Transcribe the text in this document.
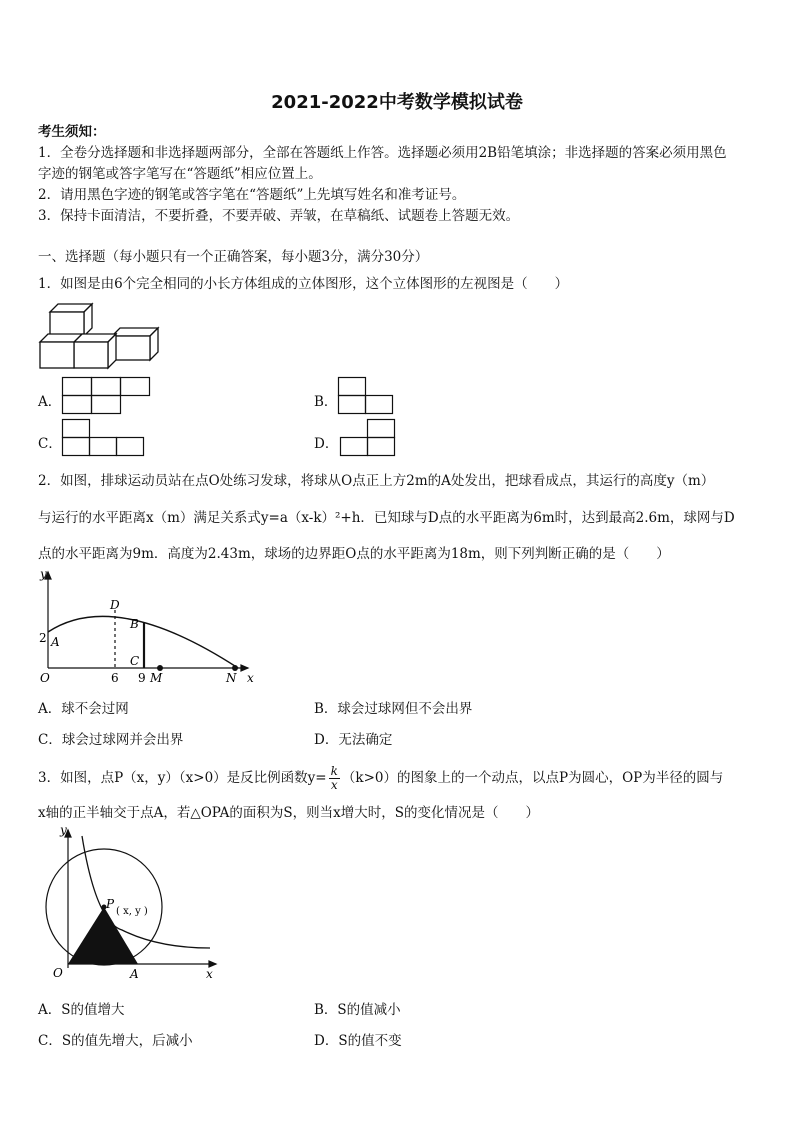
2021-2022中考数学模拟试卷
考生须知：
1．全卷分选择题和非选择题两部分，全部在答题纸上作答。选择题必须用2B铅笔填涂；非选择题的答案必须用黑色
字迹的钢笔或答字笔写在“答题纸”相应位置上。
2．请用黑色字迹的钢笔或答字笔在“答题纸”上先填写姓名和准考证号。
3．保持卡面清洁，不要折叠，不要弄破、弄皱，在草稿纸、试题卷上答题无效。
一、选择题（每小题只有一个正确答案，每小题3分，满分30分）
1．如图是由6个完全相同的小长方体组成的立体图形，这个立体图形的左视图是（　　）
A．	B．
C．	D．
2．如图，排球运动员站在点O处练习发球，将球从O点正上方2m的A处发出，把球看成点，其运行的高度y（m）
与运行的水平距离x（m）满足关系式y=a（x-k）²+h．已知球与D点的水平距离为6m时，达到最高2.6m，球网与D
点的水平距离为9m．高度为2.43m，球场的边界距O点的水平距离为18m，则下列判断正确的是（　　）
y
x
O
A
2
D
B
C
6 9 M	N
A．球不会过网	B．球会过球网但不会出界
C．球会过球网并会出界	D．无法确定
3．如图，点P（x，y）（x>0）是反比例函数$y= \frac{k}{x} (k>0)$的图象上的一个动点，以点P为圆心，OP为半径的圆与
x轴的正半轴交于点A，若△OPA的面积为S，则当x增大时，S的变化情况是（　　）
y
x
O	A
P
( x, y )
A．S的值增大	B．S的值减小
C．S的值先增大，后减小	D．S的值不变
